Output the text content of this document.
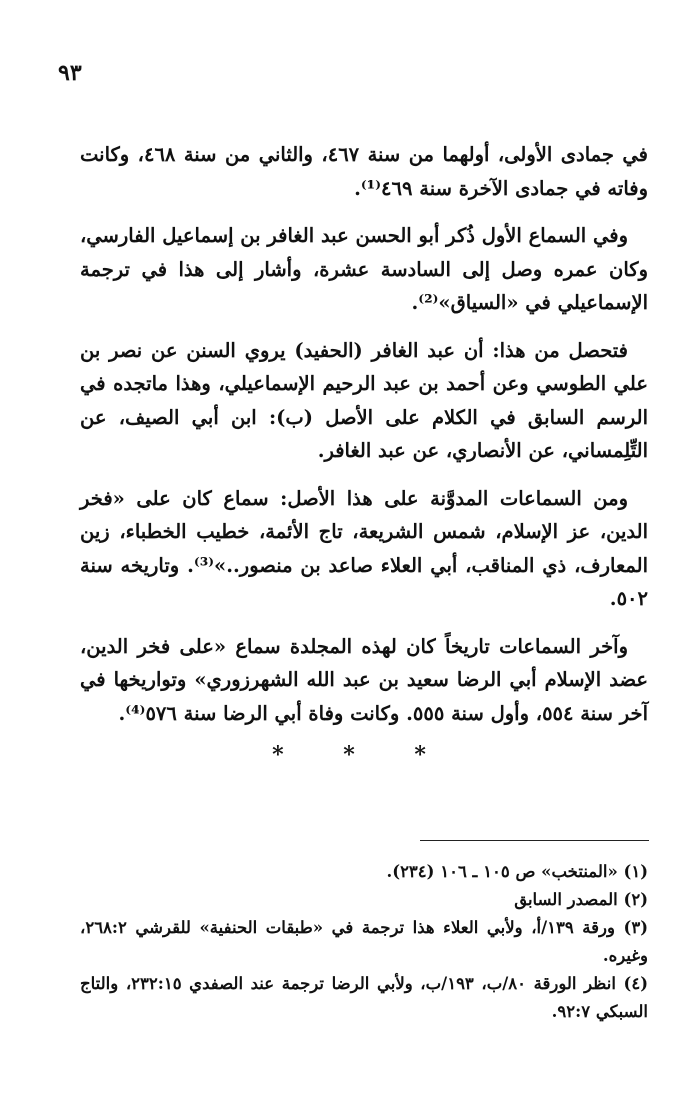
٩٣

في جمادى الأولى، أولهما من سنة ٤٦٧، والثاني من سنة ٤٦٨، وكانت وفاته في جمادى الآخرة سنة ٤٦٩⁽¹⁾.

وفي السماع الأول ذُكر أبو الحسن عبد الغافر بن إسماعيل الفارسي، وكان عمره وصل إلى السادسة عشرة، وأشار إلى هذا في ترجمة الإسماعيلي في «السياق»⁽²⁾.

فتحصل من هذا: أن عبد الغافر (الحفيد) يروي السنن عن نصر بن علي الطوسي وعن أحمد بن عبد الرحيم الإسماعيلي، وهذا ماتجده في الرسم السابق في الكلام على الأصل (ب): ابن أبي الصيف، عن التِّلِمساني، عن الأنصاري، عن عبد الغافر.

ومن السماعات المدوَّنة على هذا الأصل: سماع كان على «فخر الدين، عز الإسلام، شمس الشريعة، تاج الأئمة، خطيب الخطباء، زين المعارف، ذي المناقب، أبي العلاء صاعد بن منصور..»⁽³⁾. وتاريخه سنة ٥٠٢.

وآخر السماعات تاريخاً كان لهذه المجلدة سماع «على فخر الدين، عضد الإسلام أبي الرضا سعيد بن عبد الله الشهرزوري» وتواريخها في آخر سنة ٥٥٤، وأول سنة ٥٥٥. وكانت وفاة أبي الرضا سنة ٥٧٦⁽⁴⁾.

* * *

(١) «المنتخب» ص ١٠٥ ـ ١٠٦ (٢٣٤).

(٢) المصدر السابق

(٣) ورقة ١٣٩/أ، ولأبي العلاء هذا ترجمة في «طبقات الحنفية» للقرشي ٢٦٨:٢، وغيره.

(٤) انظر الورقة ٨٠/ب، ١٩٣/ب، ولأبي الرضا ترجمة عند الصفدي ٢٣٢:١٥، والتاج السبكي ٩٢:٧.
